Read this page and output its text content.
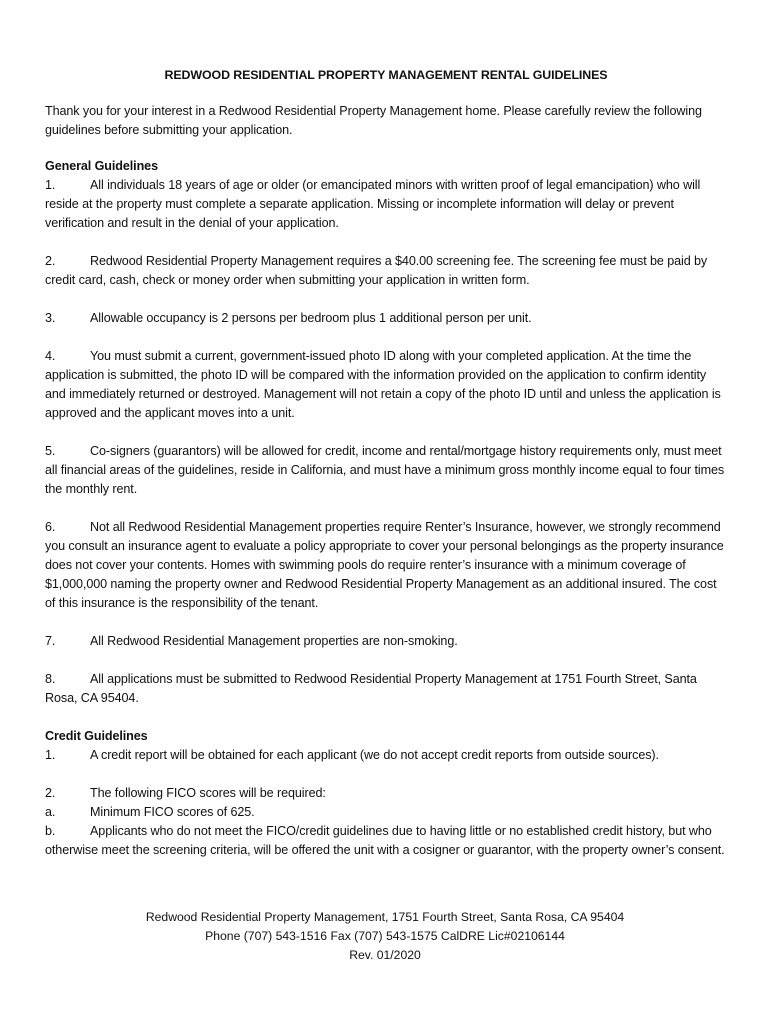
REDWOOD RESIDENTIAL PROPERTY MANAGEMENT RENTAL GUIDELINES
Thank you for your interest in a Redwood Residential Property Management home. Please carefully review the following guidelines before submitting your application.
General Guidelines
1.	All individuals 18 years of age or older (or emancipated minors with written proof of legal emancipation) who will reside at the property must complete a separate application. Missing or incomplete information will delay or prevent verification and result in the denial of your application.
2.	Redwood Residential Property Management requires a $40.00 screening fee. The screening fee must be paid by credit card, cash, check or money order when submitting your application in written form.
3.	Allowable occupancy is 2 persons per bedroom plus 1 additional person per unit.
4.	You must submit a current, government-issued photo ID along with your completed application. At the time the application is submitted, the photo ID will be compared with the information provided on the application to confirm identity and immediately returned or destroyed. Management will not retain a copy of the photo ID until and unless the application is approved and the applicant moves into a unit.
5.	Co-signers (guarantors) will be allowed for credit, income and rental/mortgage history requirements only, must meet all financial areas of the guidelines, reside in California, and must have a minimum gross monthly income equal to four times the monthly rent.
6.	Not all Redwood Residential Management properties require Renter’s Insurance, however, we strongly recommend you consult an insurance agent to evaluate a policy appropriate to cover your personal belongings as the property insurance does not cover your contents. Homes with swimming pools do require renter’s insurance with a minimum coverage of $1,000,000 naming the property owner and Redwood Residential Property Management as an additional insured. The cost of this insurance is the responsibility of the tenant.
7.	All Redwood Residential Management properties are non-smoking.
8.	All applications must be submitted to Redwood Residential Property Management at 1751 Fourth Street, Santa Rosa, CA 95404.
Credit Guidelines
1.	A credit report will be obtained for each applicant (we do not accept credit reports from outside sources).
2.	The following FICO scores will be required:
a.	Minimum FICO scores of 625.
b.	Applicants who do not meet the FICO/credit guidelines due to having little or no established credit history, but who otherwise meet the screening criteria, will be offered the unit with a cosigner or guarantor, with the property owner’s consent.
Redwood Residential Property Management, 1751 Fourth Street, Santa Rosa, CA 95404
Phone (707) 543-1516 Fax (707) 543-1575 CalDRE Lic#02106144
Rev. 01/2020
